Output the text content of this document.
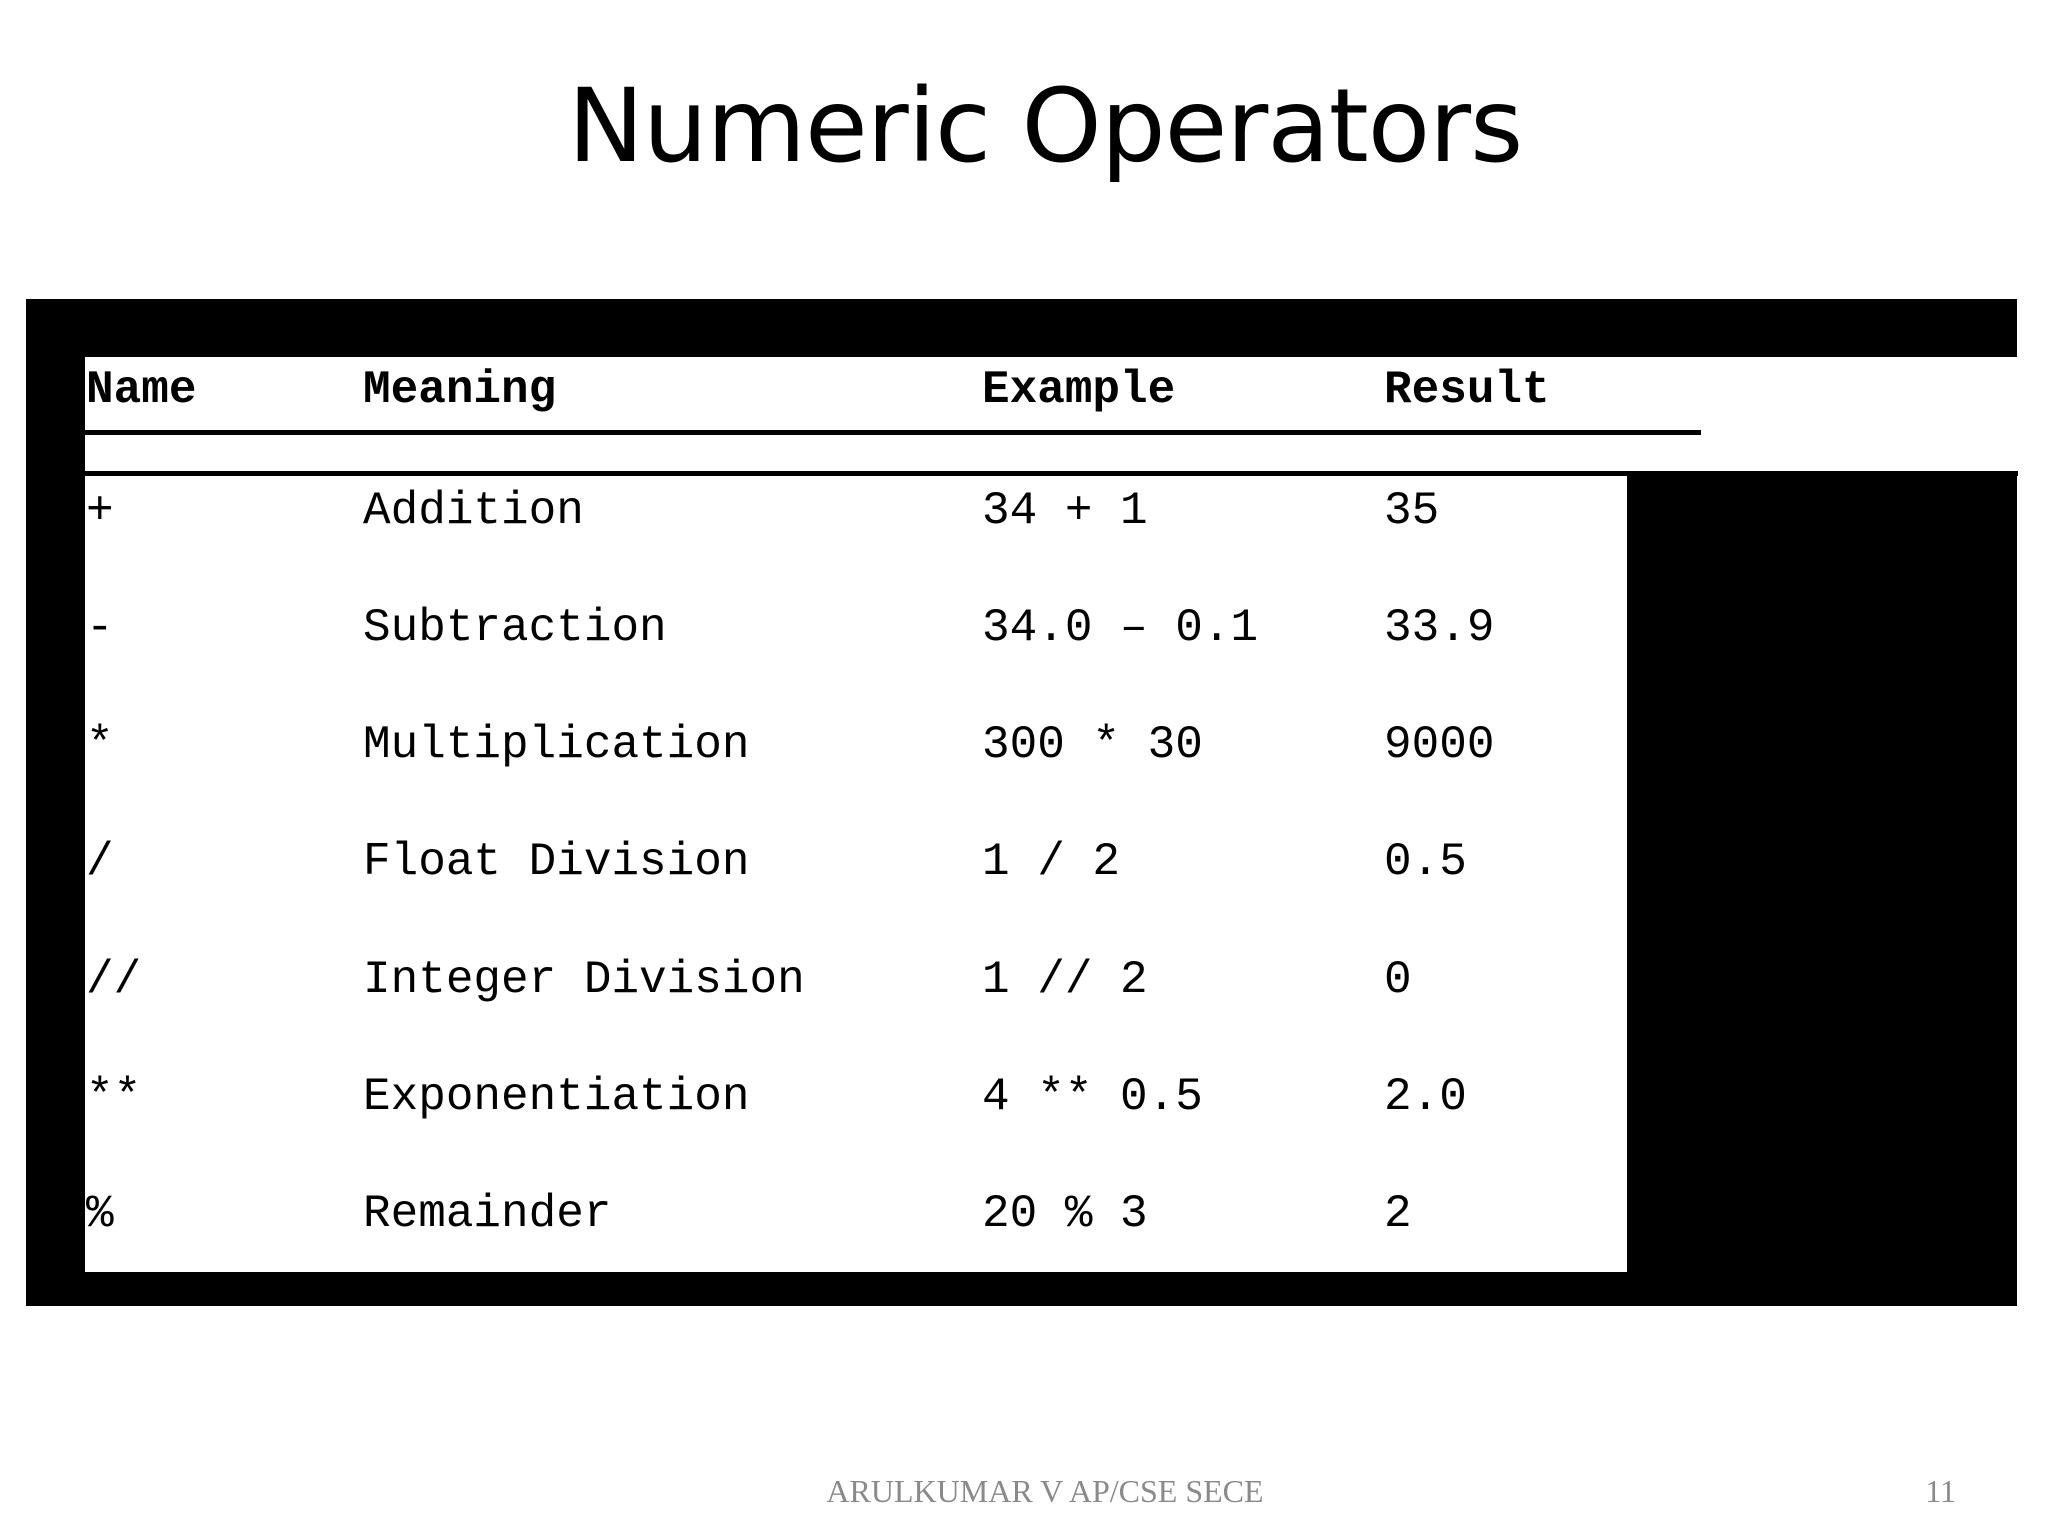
Numeric Operators
Name	Meaning	Example	Result
+	Addition	34 + 1	35
-	Subtraction	34.0 – 0.1	33.9
*	Multiplication	300 * 30	9000
/	Float Division	1 / 2	0.5
//	Integer Division	1 // 2	0
**	Exponentiation	4 ** 0.5	2.0
%	Remainder	20 % 3	2

ARULKUMAR V AP/CSE SECE	11
